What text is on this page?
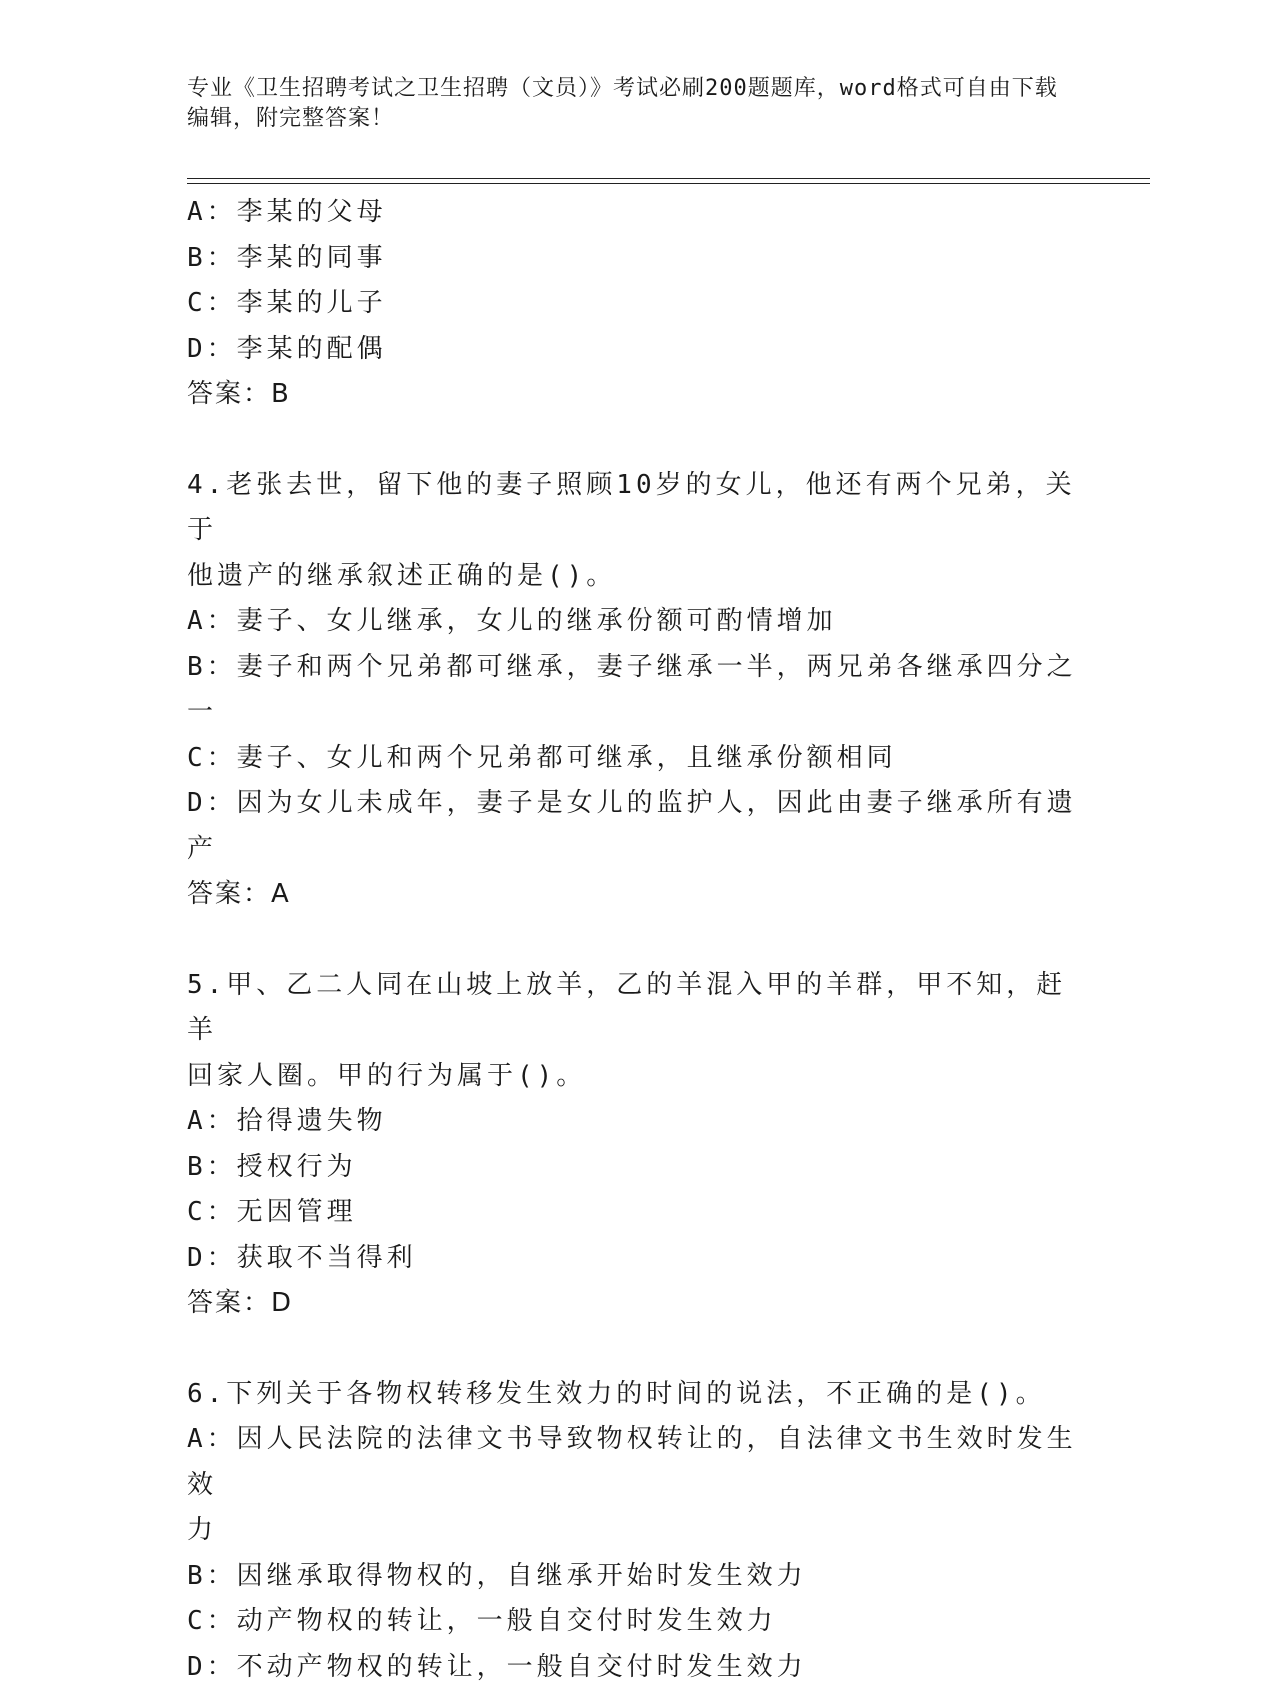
专业《卫生招聘考试之卫生招聘（文员）》考试必刷200题题库，word格式可自由下载编辑，附完整答案！

A：李某的父母

B：李某的同事

C：李某的儿子

D：李某的配偶

答案：B

4.老张去世，留下他的妻子照顾10岁的女儿，他还有两个兄弟，关于

他遗产的继承叙述正确的是()。

A：妻子、女儿继承，女儿的继承份额可酌情增加

B：妻子和两个兄弟都可继承，妻子继承一半，两兄弟各继承四分之一

C：妻子、女儿和两个兄弟都可继承，且继承份额相同

D：因为女儿未成年，妻子是女儿的监护人，因此由妻子继承所有遗产

答案：A

5.甲、乙二人同在山坡上放羊，乙的羊混入甲的羊群，甲不知，赶羊

回家人圈。甲的行为属于()。

A：拾得遗失物

B：授权行为

C：无因管理

D：获取不当得利

答案：D

6.下列关于各物权转移发生效力的时间的说法，不正确的是()。

A：因人民法院的法律文书导致物权转让的，自法律文书生效时发生效

力

B：因继承取得物权的，自继承开始时发生效力

C：动产物权的转让，一般自交付时发生效力

D：不动产物权的转让，一般自交付时发生效力
